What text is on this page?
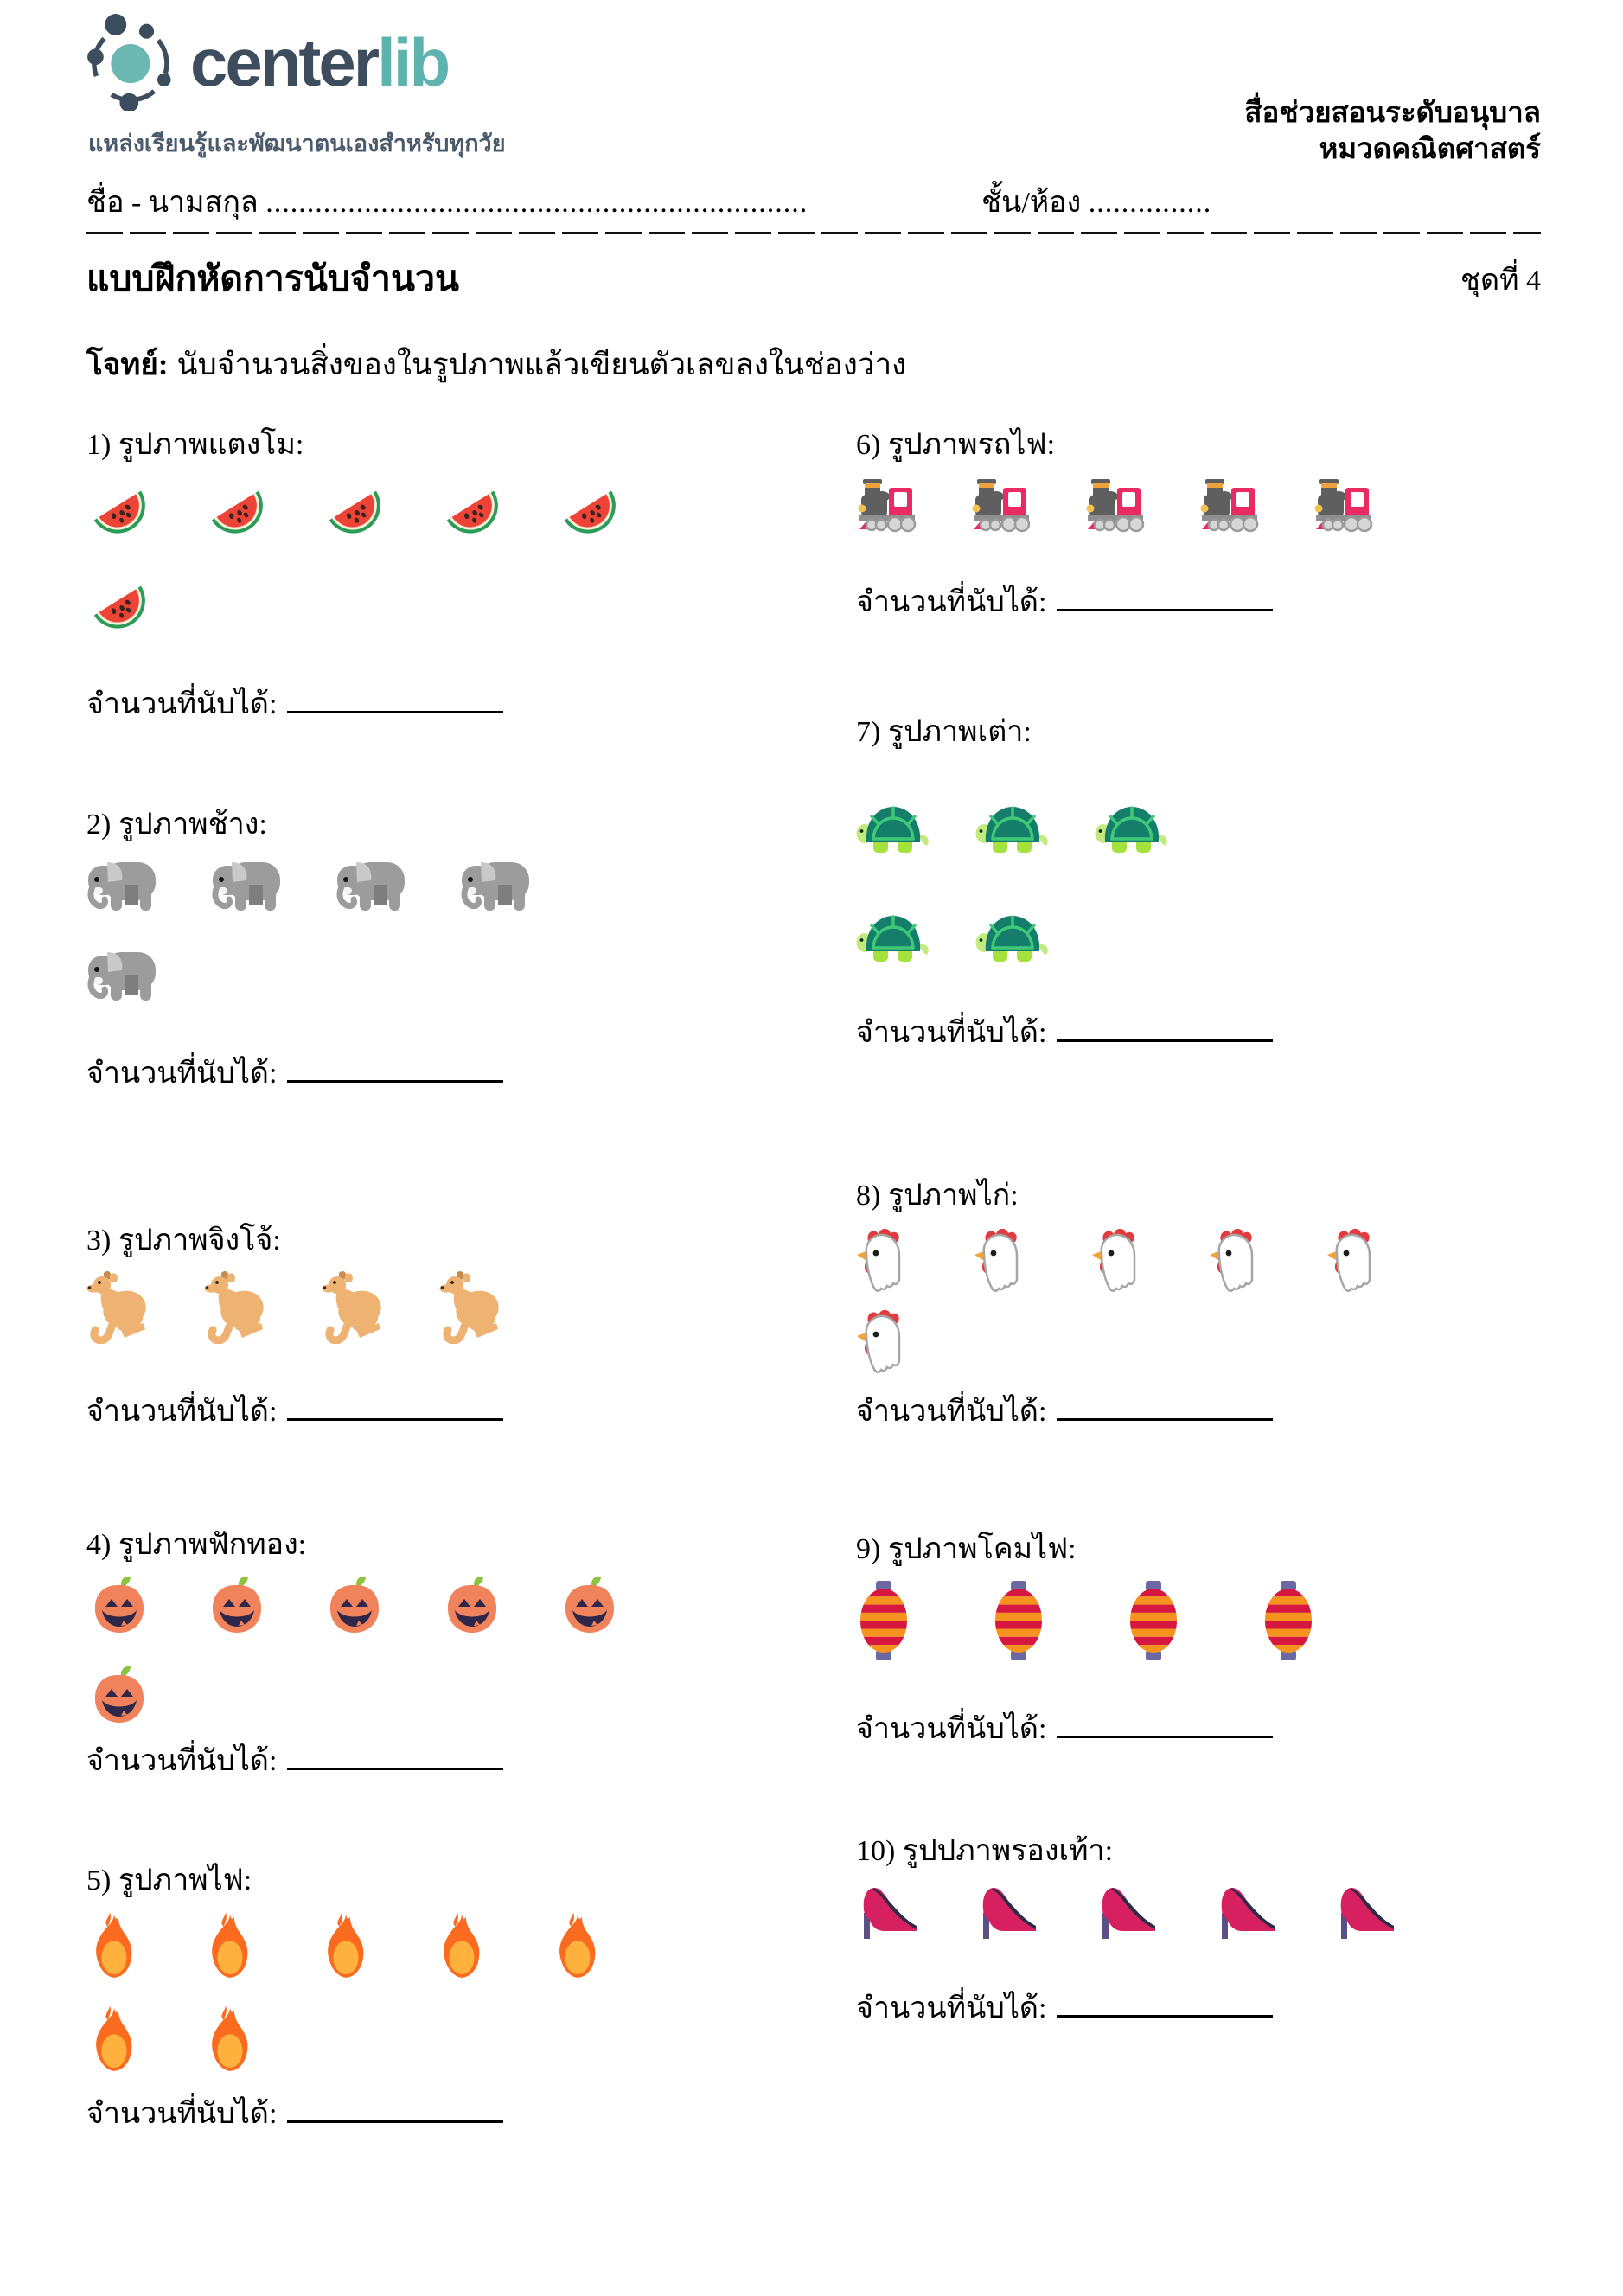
centerlib
แหล่งเรียนรู้และพัฒนาตนเองสำหรับทุกวัย
สื่อช่วยสอนระดับอนุบาล
หมวดคณิตศาสตร์
ชื่อ - นามสกุล ..................................................................	ชั้น/ห้อง ...............
แบบฝึกหัดการนับจำนวน	ชุดที่ 4
โจทย์: นับจำนวนสิ่งของในรูปภาพแล้วเขียนตัวเลขลงในช่องว่าง
1) รูปภาพแตงโม:
จำนวนที่นับได้:
2) รูปภาพช้าง:
จำนวนที่นับได้:
3) รูปภาพจิงโจ้:
จำนวนที่นับได้:
4) รูปภาพฟักทอง:
จำนวนที่นับได้:
5) รูปภาพไฟ:
จำนวนที่นับได้:
6) รูปภาพรถไฟ:
จำนวนที่นับได้:
7) รูปภาพเต่า:
จำนวนที่นับได้:
8) รูปภาพไก่:
จำนวนที่นับได้:
9) รูปภาพโคมไฟ:
จำนวนที่นับได้:
10) รูปปภาพรองเท้า:
จำนวนที่นับได้:
